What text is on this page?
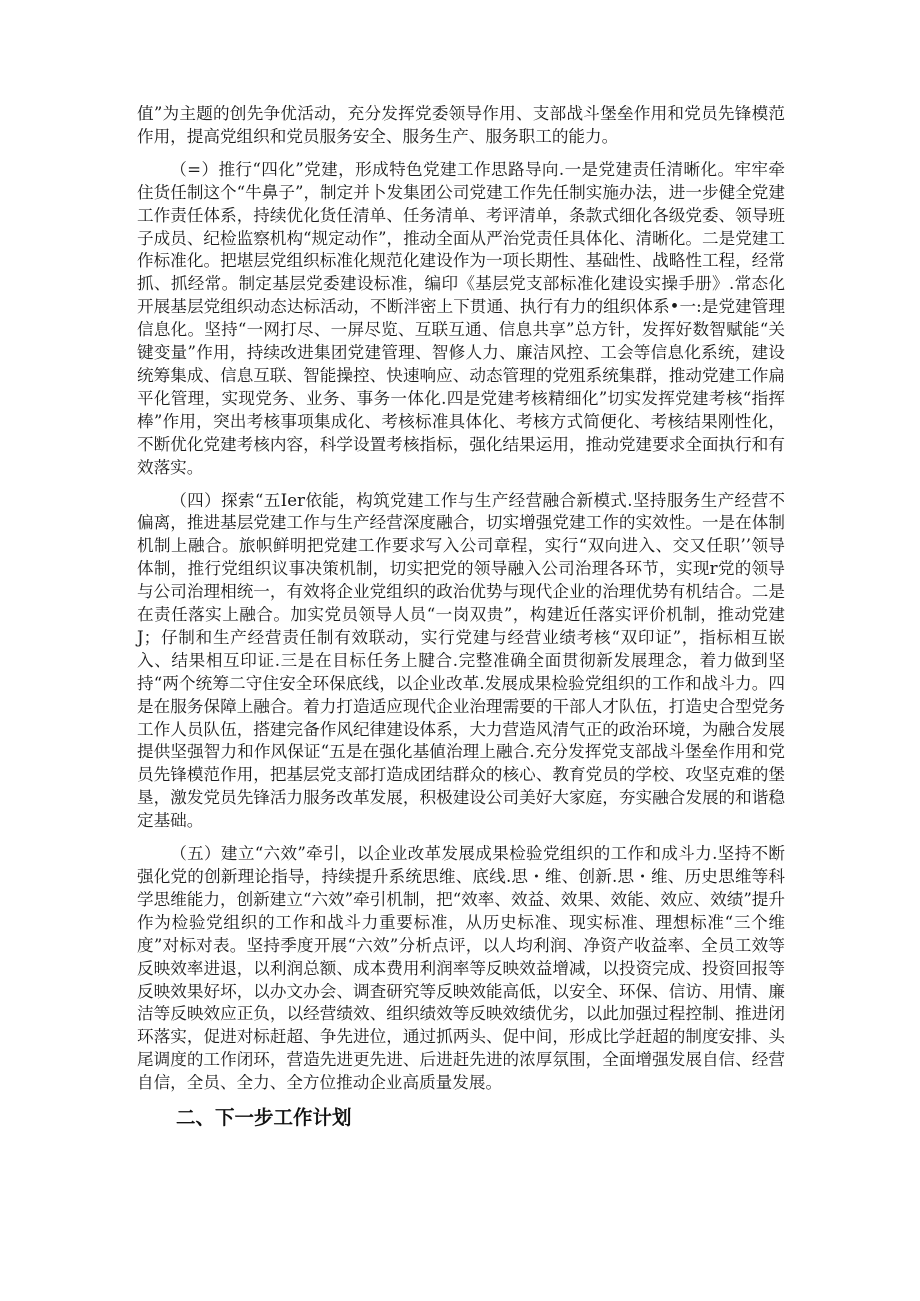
值”为主题的创先争优活动，充分发挥党委领导作用、支部战斗堡垒作用和党员先锋模范作用，提高党组织和党员服务安全、服务生产、服务职工的能力。

（=）推行“四化”党建，形成特色党建工作思路导向.一是党建责任清晰化。牢牢牵住货任制这个“牛鼻子”，制定并卜发集团公司党建工作先任制实施办法，进一步健全党建工作责任体系，持续优化货任清单、任务清单、考评清单，条款式细化各级党委、领导班子成员、纪检监察机构“规定动作”，推动全面从严治党责任具体化、清晰化。二是党建工作标准化。把堪层党组织标准化规范化建设作为一项长期性、基础性、战略性工程，经常抓、抓经常。制定基层党委建设标准，编印《基层党支部标准化建设实操手册》.常态化开展基层党组织动态达标活动，不断泮密上下贯通、执行有力的组织体系•一:是党建管理信息化。坚持“一网打尽、一屏尽览、互联互通、信息共享”总方针，发挥好数智赋能“关键变量”作用，持续改进集团党建管理、智修人力、廉洁风控、工会等信息化系统，建设统筹集成、信息互联、智能操控、快速响应、动态管理的党殂系统集群，推动党建工作扁平化管理，实现党务、业务、事务一体化.四是党建考核精细化”切实发挥党建考核“指挥棒”作用，突出考核事项集成化、考核标准具体化、考核方式简便化、考核结果刚性化，不断优化党建考核内容，科学设置考核指标，强化结果运用，推动党建要求全面执行和有效落实。

（四）探索“五Ier依能，构筑党建工作与生产经营融合新模式.坚持服务生产经营不偏离，推进基层党建工作与生产经营深度融合，切实增强党建工作的实效性。一是在体制机制上融合。旅帜鲜明把党建工作要求写入公司章程，实行“双向进入、交又任职’’领导体制，推行党组织议事决策机制，切实把党的领导融入公司治理各环节，实现r党的领导与公司治理相统一，有效将企业党组织的政治优势与现代企业的治理优势有机结合。二是在责任落实上融合。加实党员领导人员“一岗双贵”，构建近任落实评价机制，推动党建J；仔制和生产经营责任制有效联动，实行党建与经营业绩考核“双印证”，指标相互嵌入、结果相互印证.三是在目标任务上腱合.完整准确全面贯彻新发展理念，着力做到坚持“两个统筹二守住安全环保底线，以企业改革.发展成果检验党组织的工作和战斗力。四是在服务保障上融合。着力打造适应现代企业治理需要的干部人才队伍，打造史合型党务工作人员队伍，搭建完备作风纪律建设体系，大力营造风清气正的政治环境，为融合发展提供坚强智力和作风保证“五是在强化基値治理上融合.充分发挥党支部战斗堡垒作用和党员先锋模范作用，把基层党支部打造成团结群众的核心、教育党员的学校、攻坚克难的堡垦，激发党员先锋活力服务改革发展，积极建设公司美好大家庭，夯实融合发展的和谐稳定基础。

（五）建立“六效”牵引，以企业改革发展成果检验党组织的工作和成斗力.坚持不断强化党的创新理论指导，持续提升系统思维、底线.思・维、创新.思・维、历史思维等科学思维能力，创新建立“六效”牵引机制，把“效率、效益、效果、效能、效应、效绩”提升作为检验党组织的工作和战斗力重要标准，从历史标准、现实标准、理想标准“三个维度”对标对表。坚持季度开展“六效”分析点评，以人均利润、净资产收益率、全员工效等反映效率进退，以利润总额、成本费用利润率等反映效益增减，以投资完成、投资回报等反映效果好坏，以办文办会、调査研究等反映效能高低，以安全、环保、信访、用情、廉洁等反映效应正负，以经营绩效、组织绩效等反映效绩优劣，以此加强过程控制、推进闭环落实，促进对标赶超、争先进位，通过抓两头、促中间，形成比学赶超的制度安排、头尾调度的工作闭环，营造先进更先进、后进赶先进的浓厚氛围，全面增强发展自信、经营自信，全员、全力、全方位推动企业高质量发展。

二、下一步工作计划
